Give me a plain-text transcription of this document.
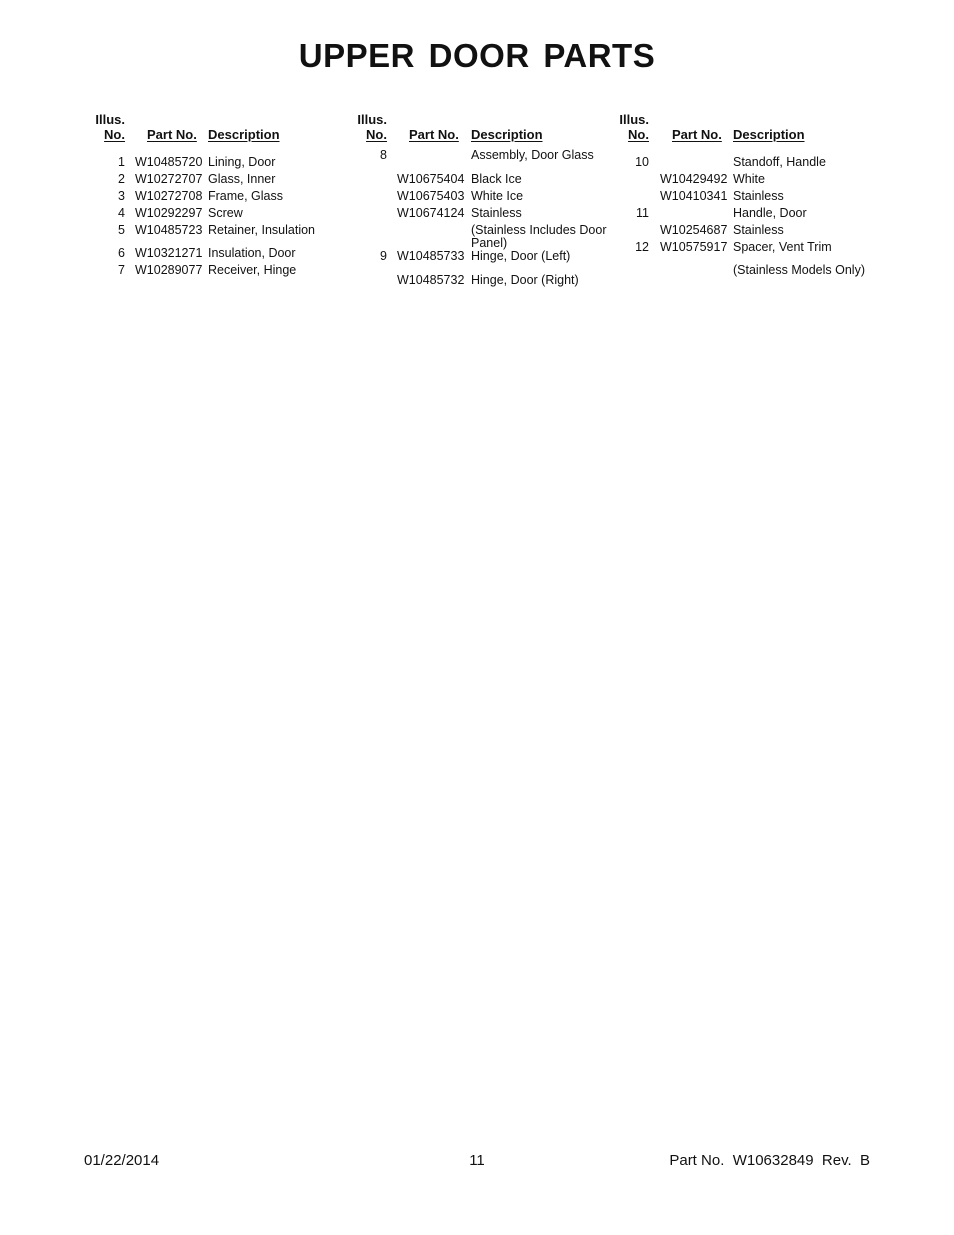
UPPER DOOR PARTS
Illus.
No. Part No. Description
1 W10485720 Lining, Door
2 W10272707 Glass, Inner
3 W10272708 Frame, Glass
4 W10292297 Screw
5 W10485723 Retainer, Insulation
6 W10321271 Insulation, Door
7 W10289077 Receiver, Hinge
Illus.
No. Part No. Description
8	Assembly, Door Glass
W10675404 Black Ice
W10675403 White Ice
W10674124 Stainless
(Stainless Includes Door Panel)
9 W10485733 Hinge, Door (Left)
W10485732 Hinge, Door (Right)
Illus.
No. Part No. Description
10	Standoff, Handle
W10429492 White
W10410341 Stainless
11	Handle, Door
W10254687 Stainless
12 W10575917 Spacer, Vent Trim
(Stainless Models Only)
01/22/2014	11	Part No.  W10632849  Rev.  B
